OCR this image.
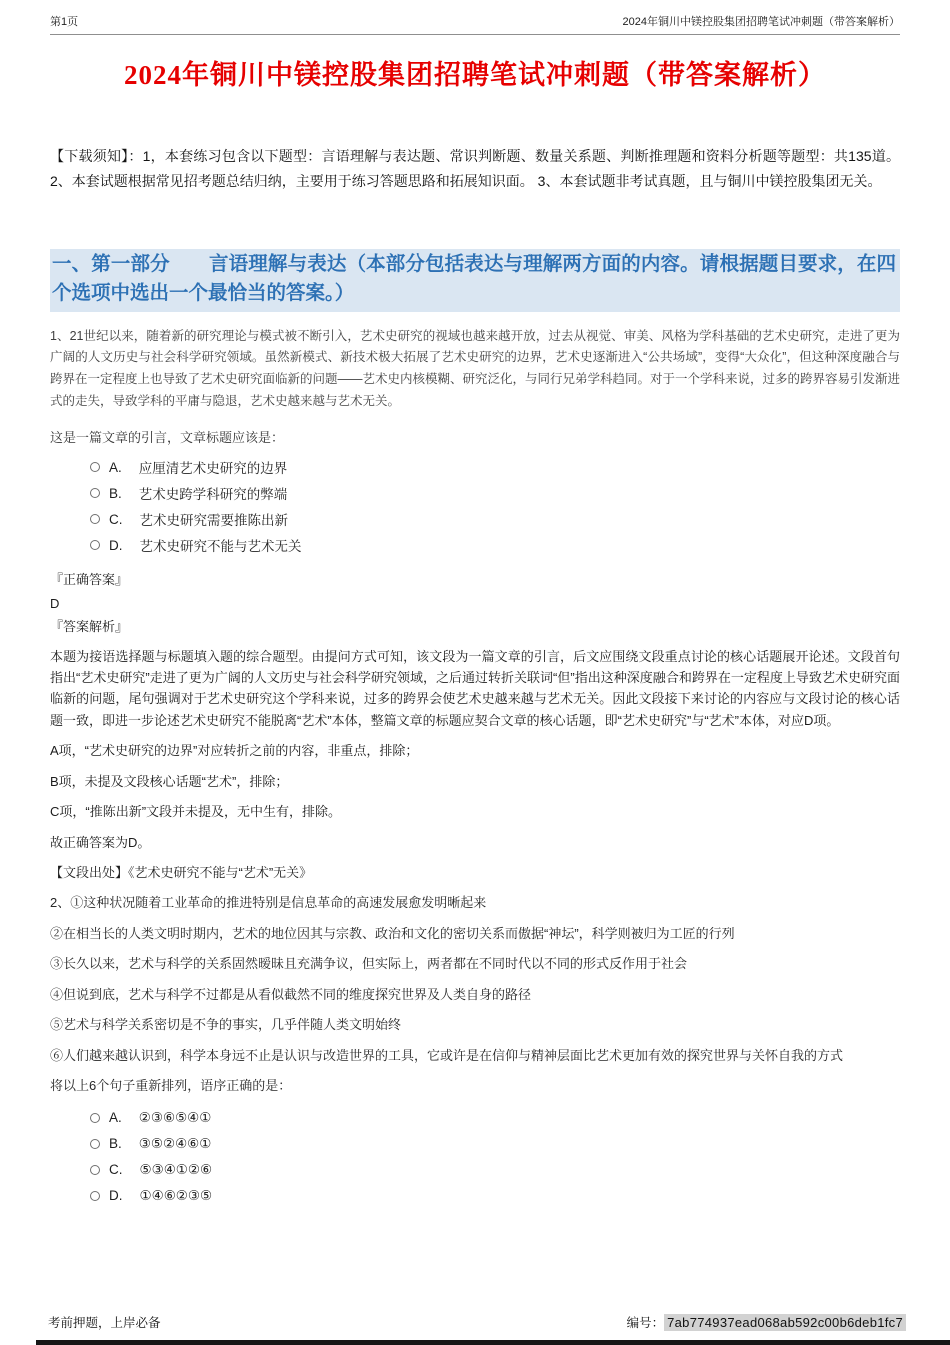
第1页	2024年铜川中镁控股集团招聘笔试冲刺题（带答案解析）
2024年铜川中镁控股集团招聘笔试冲刺题（带答案解析）

【下载须知】：1，本套练习包含以下题型：言语理解与表达题、常识判断题、数量关系题、判断推理题和资料分析题等题型：共135道。2、本套试题根据常见招考题总结归纳，主要用于练习答题思路和拓展知识面。 3、本套试题非考试真题，且与铜川中镁控股集团无关。

一、第一部分　　言语理解与表达（本部分包括表达与理解两方面的内容。请根据题目要求，在四个选项中选出一个最恰当的答案。）

1、21世纪以来，随着新的研究理论与模式被不断引入，艺术史研究的视域也越来越开放，过去从视觉、审美、风格为学科基础的艺术史研究，走进了更为广阔的人文历史与社会科学研究领域。虽然新模式、新技术极大拓展了艺术史研究的边界，艺术史逐渐进入“公共场域”，变得“大众化”，但这种深度融合与跨界在一定程度上也导致了艺术史研究面临新的问题——艺术史内核模糊、研究泛化，与同行兄弟学科趋同。对于一个学科来说，过多的跨界容易引发渐进式的走失，导致学科的平庸与隐退，艺术史越来越与艺术无关。

这是一篇文章的引言，文章标题应该是：

A. 应厘清艺术史研究的边界
B. 艺术史跨学科研究的弊端
C. 艺术史研究需要推陈出新
D. 艺术史研究不能与艺术无关

『正确答案』

D

『答案解析』

本题为接语选择题与标题填入题的综合题型。由提问方式可知，该文段为一篇文章的引言，后文应围绕文段重点讨论的核心话题展开论述。文段首句指出“艺术史研究”走进了更为广阔的人文历史与社会科学研究领域，之后通过转折关联词“但”指出这种深度融合和跨界在一定程度上导致艺术史研究面临新的问题，尾句强调对于艺术史研究这个学科来说，过多的跨界会使艺术史越来越与艺术无关。因此文段接下来讨论的内容应与文段讨论的核心话题一致，即进一步论述艺术史研究不能脱离“艺术”本体，整篇文章的标题应契合文章的核心话题，即“艺术史研究”与“艺术”本体，对应D项。

A项，“艺术史研究的边界”对应转折之前的内容，非重点，排除；

B项，未提及文段核心话题“艺术”，排除；

C项，“推陈出新”文段并未提及，无中生有，排除。

故正确答案为D。

【文段出处】《艺术史研究不能与“艺术”无关》

2、①这种状况随着工业革命的推进特别是信息革命的高速发展愈发明晰起来

②在相当长的人类文明时期内，艺术的地位因其与宗教、政治和文化的密切关系而傲据“神坛”，科学则被归为工匠的行列

③长久以来，艺术与科学的关系固然暧昧且充满争议，但实际上，两者都在不同时代以不同的形式反作用于社会

④但说到底，艺术与科学不过都是从看似截然不同的维度探究世界及人类自身的路径

⑤艺术与科学关系密切是不争的事实，几乎伴随人类文明始终

⑥人们越来越认识到，科学本身远不止是认识与改造世界的工具，它或许是在信仰与精神层面比艺术更加有效的探究世界与关怀自我的方式

将以上6个句子重新排列，语序正确的是：

A. ②③⑥⑤④①
B. ③⑤②④⑥①
C. ⑤③④①②⑥
D. ①④⑥②③⑤
考前押题，上岸必备	编号： 7ab774937ead068ab592c00b6deb1fc7
